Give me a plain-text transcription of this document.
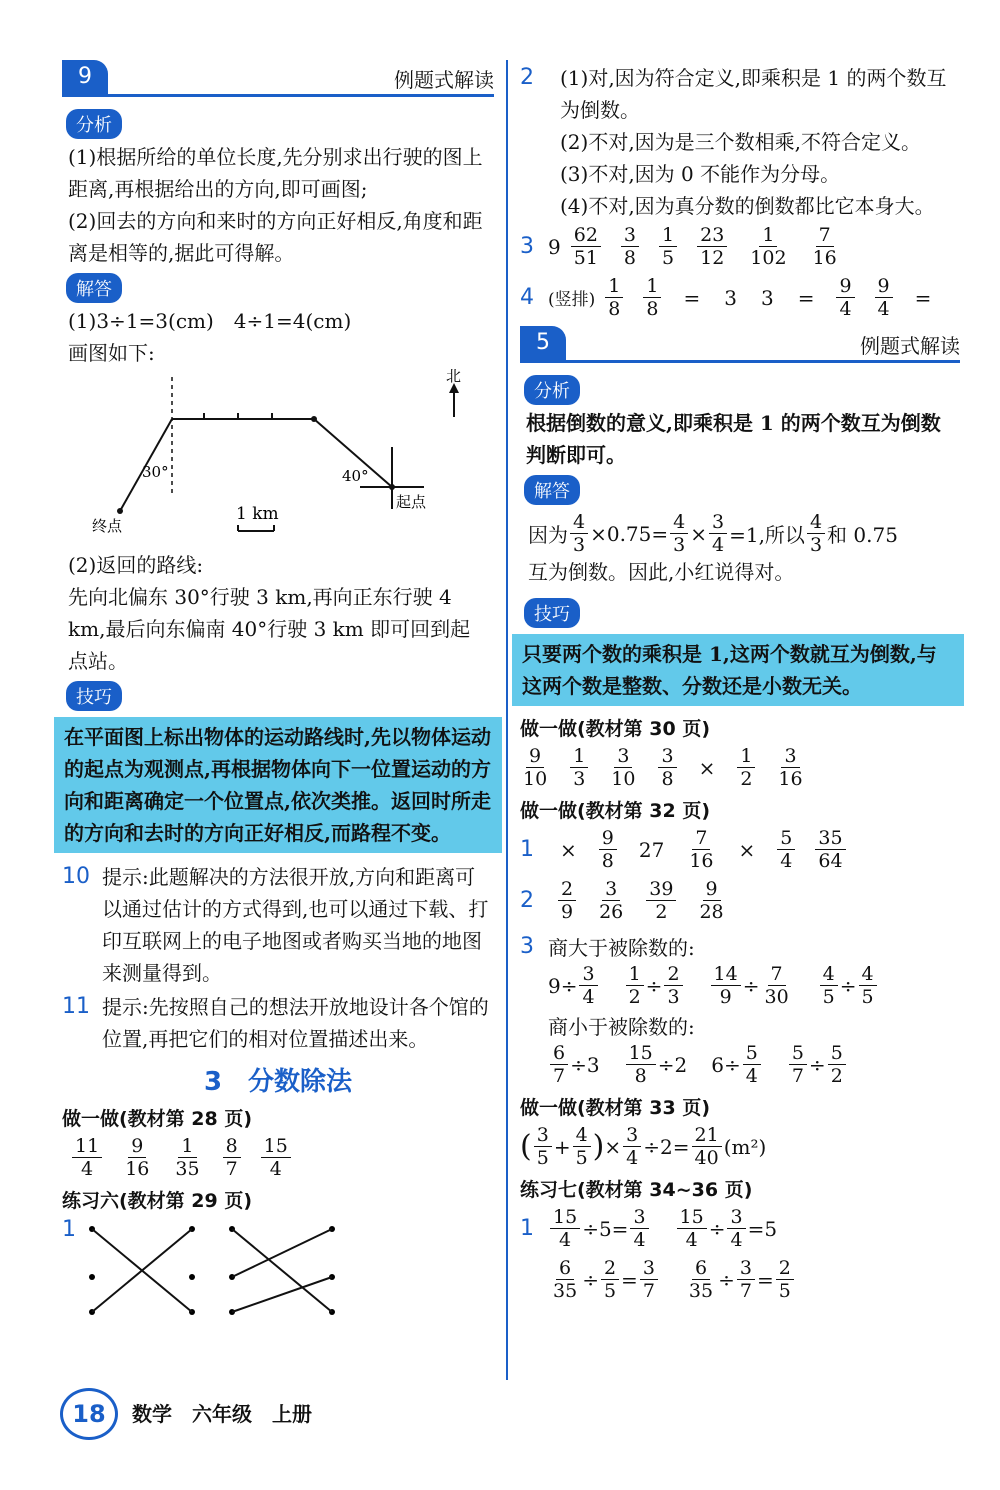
9	例题式解读
分析
(1)根据所给的单位长度,先分别求出行驶的图上距离,再根据给出的方向,即可画图;
(2)回去的方向和来时的方向正好相反,角度和距离是相等的,据此可得解。
解答
(1)3÷1=3(cm)　4÷1=4(cm)
画图如下:
北
30°	40°
起点
终点
1 km
(2)返回的路线:
先向北偏东 30°行驶 3 km,再向正东行驶 4 km,最后向东偏南 40°行驶 3 km 即可回到起点站。
技巧
在平面图上标出物体的运动路线时,先以物体运动的起点为观测点,再根据物体向下一位置运动的方向和距离确定一个位置点,依次类推。返回时所走的方向和去时的方向正好相反,而路程不变。
10 提示:此题解决的方法很开放,方向和距离可以通过估计的方式得到,也可以通过下载、打印互联网上的电子地图或者购买当地的地图来测量得到。
11 提示:先按照自己的想法开放地设计各个馆的位置,再把它们的相对位置描述出来。
3　分数除法
做一做(教材第 28 页)
$\frac{11}{4} \frac{9}{16} \frac{1}{35} \frac{8}{7} \frac{15}{4}$
练习六(教材第 29 页)
1
2	(1)对,因为符合定义,即乘积是 1 的两个数互为倒数。
(2)不对,因为是三个数相乘,不符合定义。
(3)不对,因为 0 不能作为分母。
(4)不对,因为真分数的倒数都比它本身大。
3 $9 \frac{62}{51} \frac{3}{8} \frac{1}{5} \frac{23}{12} \frac{1}{102} \frac{7}{16}$
4 (竖排) $\frac{1}{8} \frac{1}{8} = 3$ $3 = \frac{9}{4} \frac{9}{4}$ =
5	例题式解读
分析
根据倒数的意义,即乘积是 1 的两个数互为倒数判断即可。
解答
因为 $\frac{4}{3} \times 0.75= \frac{4}{3} \times \frac{3}{4} =1$,所以 $\frac{4}{3}$ 和 0.75
互为倒数。因此,小红说得对。
技巧
只要两个数的乘积是 1,这两个数就互为倒数,与这两个数是整数、分数还是小数无关。
做一做(教材第 30 页)
$\frac{9}{10} \frac{1}{3} \frac{3}{10} \frac{3}{8} \times \frac{1}{2} \frac{3}{16}$
做一做(教材第 32 页)
1	× $\frac{9}{8} 27 \frac{7}{16} \times \frac{5}{4} \frac{35}{64}$
2	$\frac{2}{9} \frac{3}{26} \frac{39}{2} \frac{9}{28}$
3 商大于被除数的:
$9\div \frac{3}{4} \frac{1}{2} \div \frac{2}{3} \frac{14}{9} \div \frac{7}{30} \frac{4}{5} \div \frac{4}{5}$
商小于被除数的:
$\frac{6}{7} \div 3 \frac{15}{8} \div 2$ $6\div \frac{5}{4} \frac{5}{7} \div \frac{5}{2}$
做一做(教材第 33 页)
( $\frac{3}{5} + \frac{4}{5}$ ) × $\frac{3}{4} \div 2= \frac{21}{40} (m^2)$
练习七(教材第 34~36 页)
$1 \frac{15}{4} \div 5= \frac{3}{4} \frac{15}{4} \div \frac{3}{4} =5$
$\frac{6}{35} \div \frac{2}{5} = \frac{3}{7} \frac{6}{35} \div \frac{3}{7} = \frac{2}{5}$
18	数学　六年级　上册
